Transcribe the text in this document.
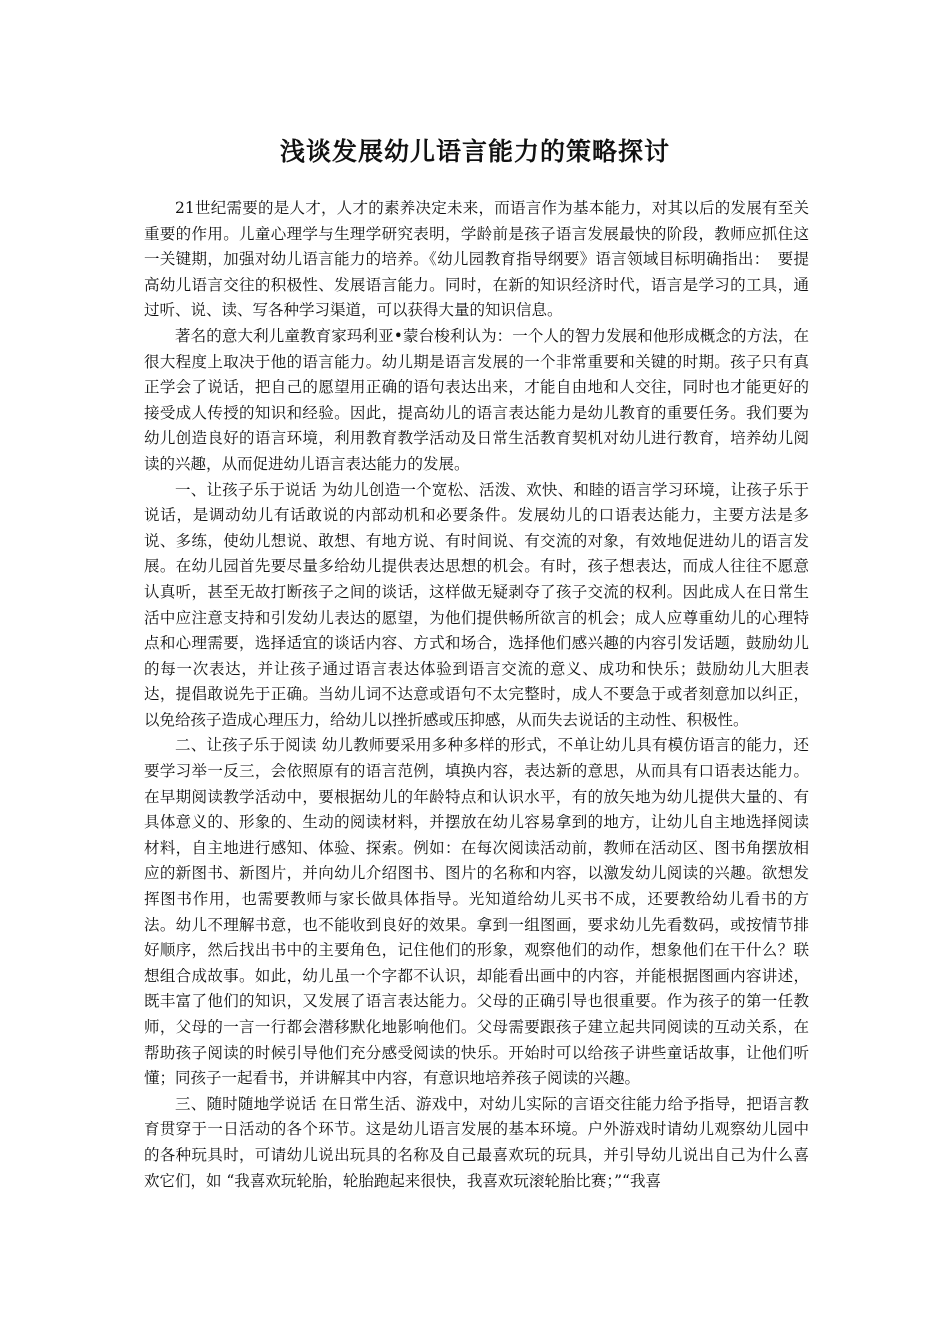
浅谈发展幼儿语言能力的策略探讨

21世纪需要的是人才，人才的素养决定未来，而语言作为基本能力，对其以后的发展有至关重要的作用。儿童心理学与生理学研究表明，学龄前是孩子语言发展最快的阶段，教师应抓住这一关键期，加强对幼儿语言能力的培养。《幼儿园教育指导纲要》语言领域目标明确指出：　要提高幼儿语言交往的积极性、发展语言能力。同时，在新的知识经济时代，语言是学习的工具，通过听、说、读、写各种学习渠道，可以获得大量的知识信息。

著名的意大利儿童教育家玛利亚•蒙台梭利认为：一个人的智力发展和他形成概念的方法，在很大程度上取决于他的语言能力。幼儿期是语言发展的一个非常重要和关键的时期。孩子只有真正学会了说话，把自己的愿望用正确的语句表达出来，才能自由地和人交往，同时也才能更好的接受成人传授的知识和经验。因此，提高幼儿的语言表达能力是幼儿教育的重要任务。我们要为幼儿创造良好的语言环境，利用教育教学活动及日常生活教育契机对幼儿进行教育，培养幼儿阅读的兴趣，从而促进幼儿语言表达能力的发展。

一、让孩子乐于说话 为幼儿创造一个宽松、活泼、欢快、和睦的语言学习环境，让孩子乐于说话，是调动幼儿有话敢说的内部动机和必要条件。发展幼儿的口语表达能力，主要方法是多说、多练，使幼儿想说、敢想、有地方说、有时间说、有交流的对象，有效地促进幼儿的语言发展。在幼儿园首先要尽量多给幼儿提供表达思想的机会。有时，孩子想表达，而成人往往不愿意认真听，甚至无故打断孩子之间的谈话，这样做无疑剥夺了孩子交流的权利。因此成人在日常生活中应注意支持和引发幼儿表达的愿望，为他们提供畅所欲言的机会；成人应尊重幼儿的心理特点和心理需要，选择适宜的谈话内容、方式和场合，选择他们感兴趣的内容引发话题，鼓励幼儿的每一次表达，并让孩子通过语言表达体验到语言交流的意义、成功和快乐；鼓励幼儿大胆表达，提倡敢说先于正确。当幼儿词不达意或语句不太完整时，成人不要急于或者刻意加以纠正，以免给孩子造成心理压力，给幼儿以挫折感或压抑感，从而失去说话的主动性、积极性。

二、让孩子乐于阅读 幼儿教师要采用多种多样的形式，不单让幼儿具有模仿语言的能力，还要学习举一反三，会依照原有的语言范例，填换内容，表达新的意思，从而具有口语表达能力。在早期阅读教学活动中，要根据幼儿的年龄特点和认识水平，有的放矢地为幼儿提供大量的、有具体意义的、形象的、生动的阅读材料，并摆放在幼儿容易拿到的地方，让幼儿自主地选择阅读材料，自主地进行感知、体验、探索。例如：在每次阅读活动前，教师在活动区、图书角摆放相应的新图书、新图片，并向幼儿介绍图书、图片的名称和内容，以激发幼儿阅读的兴趣。欲想发挥图书作用，也需要教师与家长做具体指导。光知道给幼儿买书不成，还要教给幼儿看书的方法。幼儿不理解书意，也不能收到良好的效果。拿到一组图画，要求幼儿先看数码，或按情节排好顺序，然后找出书中的主要角色，记住他们的形象，观察他们的动作，想象他们在干什么？联想组合成故事。如此，幼儿虽一个字都不认识，却能看出画中的内容，并能根据图画内容讲述，既丰富了他们的知识，又发展了语言表达能力。父母的正确引导也很重要。作为孩子的第一任教师，父母的一言一行都会潜移默化地影响他们。父母需要跟孩子建立起共同阅读的互动关系，在帮助孩子阅读的时候引导他们充分感受阅读的快乐。开始时可以给孩子讲些童话故事，让他们听懂；同孩子一起看书，并讲解其中内容，有意识地培养孩子阅读的兴趣。

三、随时随地学说话 在日常生活、游戏中，对幼儿实际的言语交往能力给予指导，把语言教育贯穿于一日活动的各个环节。这是幼儿语言发展的基本环境。户外游戏时请幼儿观察幼儿园中的各种玩具时，可请幼儿说出玩具的名称及自己最喜欢玩的玩具，并引导幼儿说出自己为什么喜欢它们，如 “我喜欢玩轮胎，轮胎跑起来很快，我喜欢玩滚轮胎比赛；”“我喜
